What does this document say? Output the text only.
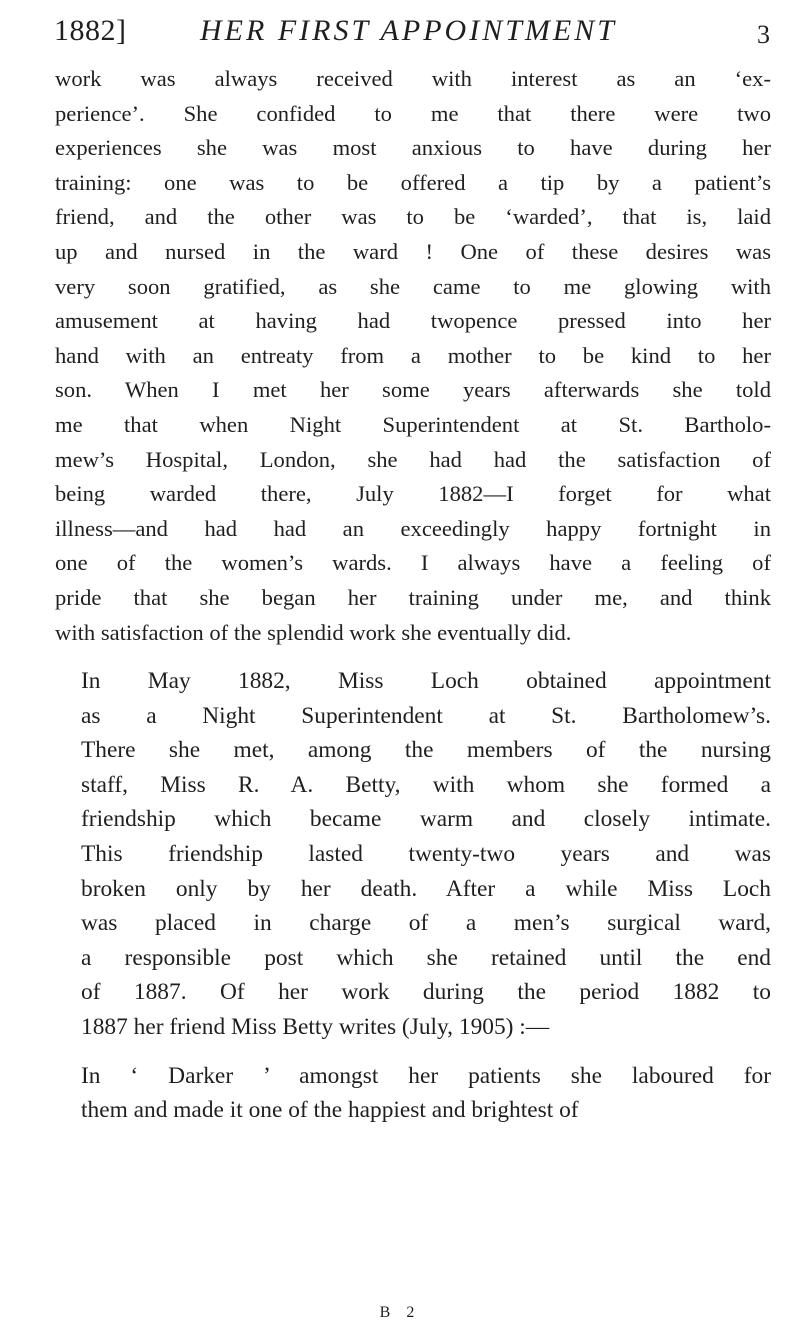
1882] HER FIRST APPOINTMENT	3

work was always received with interest as an ‘ex-
perience’. She confided to me that there were two
experiences she was most anxious to have during her
training: one was to be offered a tip by a patient’s
friend, and the other was to be ‘warded’, that is, laid
up and nursed in the ward ! One of these desires was
very soon gratified, as she came to me glowing with
amusement at having had twopence pressed into her
hand with an entreaty from a mother to be kind to her
son. When I met her some years afterwards she told
me that when Night Superintendent at St. Bartholo-
mew’s Hospital, London, she had had the satisfaction of
being warded there, July 1882—I forget for what
illness—and had had an exceedingly happy fortnight in
one of the women’s wards. I always have a feeling of
pride that she began her training under me, and think
with satisfaction of the splendid work she eventually did.

In May 1882, Miss Loch obtained appointment
as a Night Superintendent at St. Bartholomew’s.
There she met, among the members of the nursing
staff, Miss R. A. Betty, with whom she formed a
friendship which became warm and closely intimate.
This friendship lasted twenty-two years and was
broken only by her death. After a while Miss Loch
was placed in charge of a men’s surgical ward,
a responsible post which she retained until the end
of 1887. Of her work during the period 1882 to
1887 her friend Miss Betty writes (July, 1905) :—

In ‘ Darker ’ amongst her patients she laboured for
them and made it one of the happiest and brightest of

B 2
